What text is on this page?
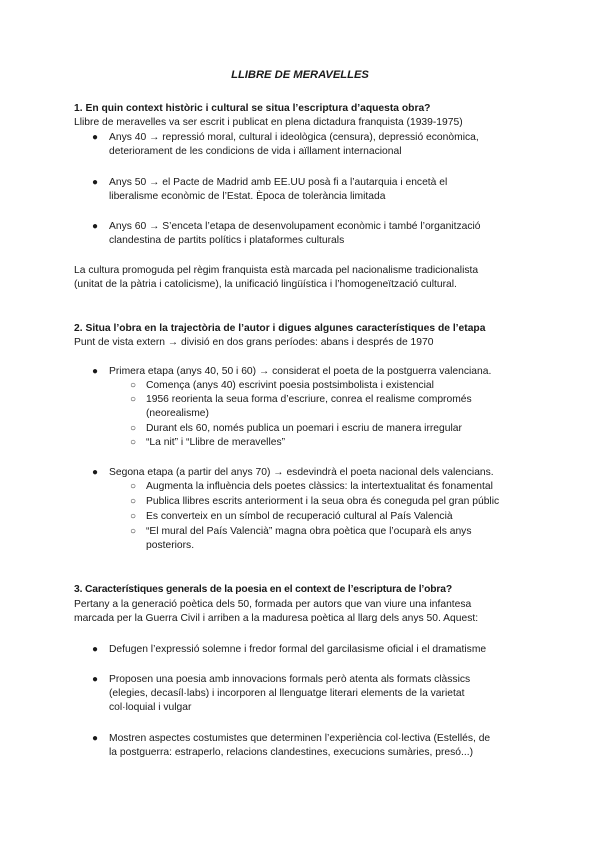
LLIBRE DE MERAVELLES
1. En quin context històric i cultural se situa l’escriptura d’aquesta obra?
Llibre de meravelles va ser escrit i publicat en plena dictadura franquista (1939-1975)
● Anys 40 → repressió moral, cultural i ideològica (censura), depressió econòmica,
deteriorament de les condicions de vida i aïllament internacional
● Anys 50 → el Pacte de Madrid amb EE.UU posà fi a l’autarquia i encetà el
liberalisme econòmic de l’Estat. Època de tolerància limitada
● Anys 60 → S’enceta l’etapa de desenvolupament econòmic i també l’organització
clandestina de partits polítics i plataformes culturals
La cultura promoguda pel règim franquista està marcada pel nacionalisme tradicionalista
(unitat de la pàtria i catolicisme), la unificació lingüística i l’homogeneïtzació cultural.
2. Situa l’obra en la trajectòria de l’autor i digues algunes característiques de l’etapa
Punt de vista extern → divisió en dos grans períodes: abans i després de 1970
● Primera etapa (anys 40, 50 i 60) → considerat el poeta de la postguerra valenciana.
○ Comença (anys 40) escrivint poesia postsimbolista i existencial
○ 1956 reorienta la seua forma d’escriure, conrea el realisme compromés
(neorealisme)
○ Durant els 60, només publica un poemari i escriu de manera irregular
○ “La nit” i “Llibre de meravelles”
● Segona etapa (a partir del anys 70) → esdevindrà el poeta nacional dels valencians.
○ Augmenta la influència dels poetes clàssics: la intertextualitat és fonamental
○ Publica llibres escrits anteriorment i la seua obra és coneguda pel gran públic
○ Es converteix en un símbol de recuperació cultural al País Valencià
○ “El mural del País Valencià” magna obra poètica que l’ocuparà els anys
posteriors.
3. Característiques generals de la poesia en el context de l’escriptura de l’obra?
Pertany a la generació poètica dels 50, formada per autors que van viure una infantesa
marcada per la Guerra Civil i arriben a la maduresa poètica al llarg dels anys 50. Aquest:
● Defugen l’expressió solemne i fredor formal del garcilasisme oficial i el dramatisme
● Proposen una poesia amb innovacions formals però atenta als formats clàssics
(elegies, decasíl·labs) i incorporen al llenguatge literari elements de la varietat
col·loquial i vulgar
● Mostren aspectes costumistes que determinen l’experiència col·lectiva (Estellés, de
la postguerra: estraperlo, relacions clandestines, execucions sumàries, presó...)
